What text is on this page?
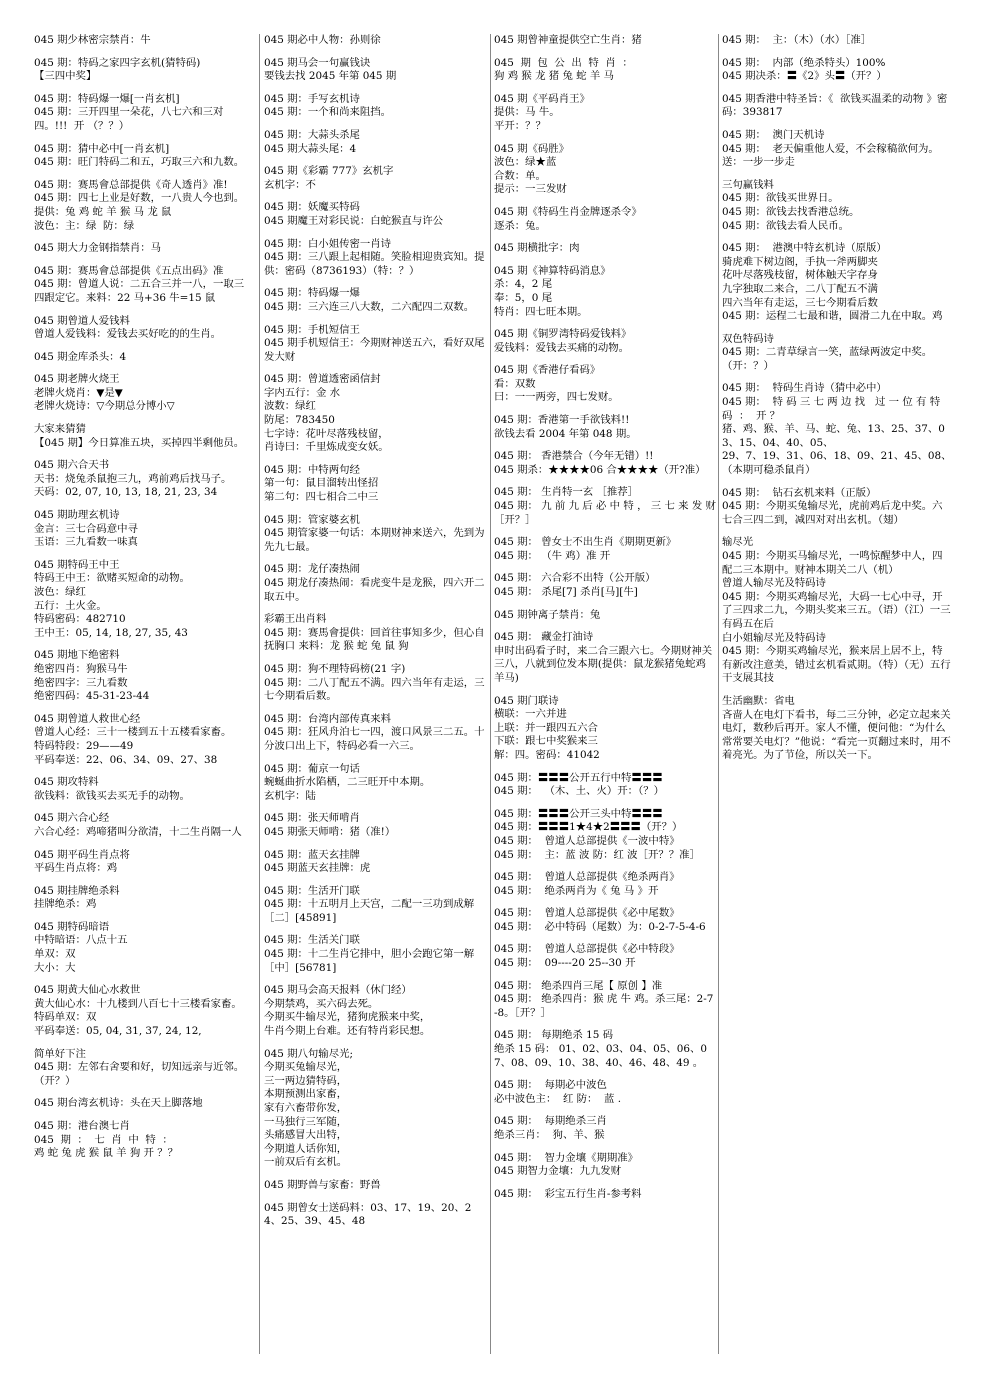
045 期少林密宗禁肖：牛
045 期：特码之家四字玄机(猜特码)
【三四中奖】
045 期：特码爆一爆[一肖玄机]
045 期：三开四里一朵花，八七六和三对四。!!!  开 （？？）
045 期：猜中必中[一肖玄机]
045 期：旺门特码二和五，巧取三六和九数。
045 期：赛馬會总部提供《奇人透肖》准!
045 期：四七上业是好数，一八贵人今也到。
提供：兔 鸡 蛇 羊 猴 马 龙 鼠
波色：主：绿  防：绿
045 期大力金钢指禁肖：马
045 期：赛馬會总部提供《五点出码》准
045 期：曾道人说：二五合三并一八，一取三四跟定它。来料：22 马+36 牛=15 鼠
045 期曾道人爱钱料
曾道人爱钱料：爱钱去买好吃的的生肖。
045 期金库杀头：4
045 期老牌火烧王
老牌火烧肖：▼是▼
老牌火烧诗：▽今期总分博小▽
大家来猜猜
【045 期】今日算准五块，买掉四半剩他员。
045 期六合天书
天书：烧兔杀鼠抱三九，鸡前鸡后找马子。
天码：02, 07, 10, 13, 18, 21, 23, 34
045 期助理玄机诗
金言：三七合码意中寻
玉语：三九看数一味真
045 期特码王中王
特码王中王：欲赌买短命的动物。
波色：绿红
五行：土火金。
特码密码：482710
王中王：05, 14, 18, 27, 35, 43
045 期地下绝密料
绝密四肖：狗猴马牛
绝密四字：三九看数
绝密四码：45-31-23-44
045 期曾道人救世心经
曾道人心经：三十一楼到五十五楼看家畜。
特码特段：29——49
平码奉送：22、06、34、09、27、38
045 期攻特料
欲钱料：欲钱买去买无手的动物。
045 期六合心经
六合心经：鸡啼猪叫分欲清，十二生肖隔一人
045 期平码生肖点将
平码生肖点将：鸡
045 期挂牌绝杀料
挂牌绝杀：鸡
045 期特码暗语
中特暗语：八点十五
单双：双
大小：大
045 期黄大仙心水救世
黄大仙心水：十九楼到八百七十三楼看家畜。
特码单双：双
平码奉送：05, 04, 31, 37, 24, 12,
简单好下注
045 期：左邻右舍要和好，切知远亲与近邻。（开？）
045 期台湾玄机诗：头在天上脚落地
045 期：港台澳七肖
045  期  ：  七  肖  中  特  ：
鸡 蛇 兔 虎 猴 鼠 羊 狗 开 ？？
045 期必中人物：孙则徐
045 期马会一句赢钱诀
要钱去找 2045 年第 045 期
045 期：手写玄机诗
045 期：一个和尚来阻挡。
045 期：大蒜头杀尾
045 期大蒜头尾：4
045 期《彩霸 777》玄机字
玄机字：不
045 期：妖魔买特码
045 期魔王对彩民说：白蛇猴直与许公
045 期：白小姐传密一肖诗
045 期：三八跟上起相随。笑脸相迎贵宾知。提供：密码（8736193）（特：？）
045 期：特码爆一爆
045 期：三六连三八大数，二六配四二双数。
045 期：手机短信王
045 期手机短信王：今期财神送五六，看好双尾发大财
045 期：曾道透密函信封
字内五行：金 水
波数：绿红
防尾：783450
七字诗：花叶尽落残枝留，
肖诗曰：千里炼成变女妖。
045 期：中特两句经
第一句：鼠目溜转出怪招
第二句：四七相合二中三
045 期：管家婆玄机
045 期管家婆一句话：本期财神来送六，先到为先九七最。
045 期：龙仔凑热闹
045 期龙仔凑热闹：看虎变牛是龙猴，四六开二取五中。
彩霸王出肖料
045 期：赛馬會提供：回首往事知多少，但心自抚胸口 来料：龙 猴 蛇 兔 鼠 狗
045 期：狗不理特码榜(21 字)
045 期：二八丁配五不满。四六当年有走运，三七今期看后数。
045 期：台湾内部传真来料
045 期：狂风舟泊七一四，渡口风景三二五。十分波口出上下，特码必看一六三。
045 期：葡京一句话
蜿蜒曲折水陷栖，二三旺开中本期。
玄机字：陆
045 期：张天师啃肖
045 期张天师啃：猪（准!）
045 期：蓝天玄挂牌
045 期蓝天玄挂牌：虎
045 期：生活开门联
045 期：十五明月上天宫，二配一三功到成解［二］[45891]
045 期：生活关门联
045 期：十二生肖它排中，胆小会跑它第一解［中］[56781]
045 期马会高天报料（休门经）
今期禁鸡，买六码去死。
今期买牛输尽光，猪狗虎猴来中奖，
牛肖今期上台难。还有特肖彩民想。
045 期八句输尽光;
今期买兔输尽光，
三一两边猜特码，
本期预测出家畜，
家有六畜带你发，
一马独行三军随，
头痛感冒大出特，
今期道人话你知，
一前双后有玄机。
045 期野兽与家畜：野兽
045 期曾女士送码料：03、17、19、20、24、25、39、45、48
045 期曾神童提供空亡生肖：猪
045  期  包  公  出  特  肖  ：
狗 鸡 猴 龙 猪 兔 蛇 羊 马
045 期《平码肖王》
提供：马 牛。
平开：？？
045 期《码胜》
波色：绿★蓝
合数：单。
提示：一三发财
045 期《特码生肖金牌逐杀令》
逐杀：兔。
045 期横批字：肉
045 期《神算特码消息》
杀：4，2 尾
奉：5，0 尾
特肖：四七旺本期。
045 期《铜罗湾特码爱钱料》
爱钱料：爱钱去买痛的动物。
045 期《香港仔看码》
看：双数
曰：一一两旁，四七发财。
045 期：香港第一手欲钱料!!
欲钱去看 2004 年第 048 期。
045 期： 香港禁合（今年无错）!!
045 期杀：★★★★06 合★★★★（开?准）
045 期： 生肖特一玄 ［推荐］
045 期： 九 前 九 后 必 中 特 ， 三 七 来 发 财［开？］
045 期： 曾女士不出生肖《期期更新》
045 期： （牛 鸡）准 开
045 期： 六合彩不出特（公开版）
045 期： 杀尾[7] 杀肖[马][牛]
045 期钟离子禁肖：兔
045 期： 藏金打油诗
申时出码看子时，来二合三跟六七。今期财神关三八，八就到位发本期(提供：鼠龙猴猪兔蛇鸡羊马)
045 期门联诗
横联：一六并进
上联：并一跟四五六合
下联：跟七中奖猴来三
解：四。密码：41042
045 期：〓〓〓公开五行中特〓〓〓
045 期：  （木、土、火）开：（？）
045 期：〓〓〓公开三头中特〓〓〓
045 期：〓〓〓1★4★2〓〓〓（开？）
045 期：  曾道人总部提供《一波中特》
045 期：  主：蓝 波 防：红 波［开？？准］
045 期：  曾道人总部提供《绝杀两肖》
045 期：  绝杀两肖为《 兔 马 》开
045 期：  曾道人总部提供《必中尾数》
045 期：  必中特码（尾数）为：0-2-7-5-4-6
045 期：  曾道人总部提供《必中特段》
045 期：  09----20 25--30 开
045 期： 绝杀四肖三尾【 原创 】准
045 期： 绝杀四肖：猴 虎 牛 鸡。杀三尾：2-7-8。［开？］
045 期： 每期绝杀 15 码
绝杀 15 码： 01、02、03、04、05、06、07、08、09、10、38、40、46、48、49 。
045 期：  每期必中波色
必中波色主：  红 防：  蓝 .
045 期：  每期绝杀三肖
绝杀三肖：  狗、羊、猴
045 期：  智力金壤《期期准》
045 期智力金壤：九九发财
045 期：  彩宝五行生肖-参考料
045 期：  主：（木）（水）［准］
045 期：  内部（绝杀特头）100%
045 期决杀：〓《2》头〓（开？）
045 期香港中特圣旨：《  欲钱买温柔的动物 》密码：393817
045 期：  澳门天机诗
045 期：  老天偏重他人爱，不会稼稿欲何为。送：一步一步走
三句赢钱料
045 期：欲钱买世界日。
045 期：欲钱去找香港总统。
045 期：欲钱去看人民币。
045 期：  港澳中特玄机诗（原版）
骑虎难下树边阁，手执一斧两脚夹
花叶尽落残枝留，树体触天字存身
九字独取二来合，二八丁配五不满
四六当年有走运，三七今期看后数
045 期：运程二七最和谐，圆滑二九在中取。鸡
双色特码诗
045 期：二青草绿言一笑，蓝绿两波定中奖。（开：？）
045 期：  特码生肖诗（猜中必中）
045 期：  特 码 三 七 两 边 找   过 一 位 有 特 码  ：  开 ？
猪、鸡、猴、羊、马、蛇、兔、13、25、37、03、15、04、40、05、
29、7、19、31、06、18、09、21、45、08、（本期可稳杀鼠肖）
045 期：  钻石玄机来料（正版）
045 期：今期买兔输尽光，虎前鸡后龙中奖。六七合三四二到，减四对对出玄机。（翅）
输尽光
045 期：今期买马输尽光，一鸣惊醒梦中人，四配二三本期中。财神本期关二八（机）
曾道人输尽光及特码诗
045 期：今期买鸡输尽光，大码一七心中寻，开了三四求二九，今期头奖来三五。（语）（江）一三有码五在后
白小姐输尽光及特码诗
045 期：今期买鸡输尽光，猴来居上居不上，特有新改注意美，错过玄机看贰期。（特）（无）五行干支展其技
生活幽默：省电
吝啬人在电灯下看书，每二三分钟，必定立起来关电灯，数秒后再开。家人不懂，便问他：“为什么常常要关电灯？”他说：“看完一页翻过来时，用不着亮光。为了节俭，所以关一下。
